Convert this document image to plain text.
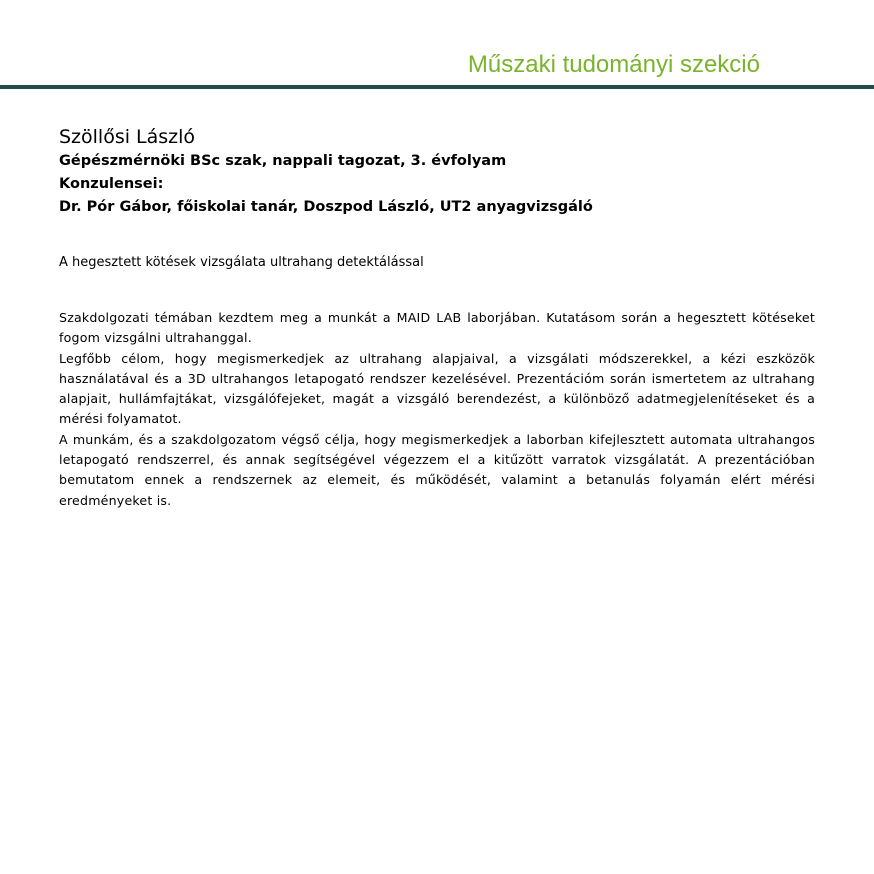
Műszaki tudományi szekció

Szöllősi László

Gépészmérnöki BSc szak, nappali tagozat, 3. évfolyam

Konzulensei:

Dr. Pór Gábor, főiskolai tanár, Doszpod László, UT2 anyagvizsgáló

A hegesztett kötések vizsgálata ultrahang detektálással

Szakdolgozati témában kezdtem meg a munkát a MAID LAB laborjában. Kutatásom során a hegesztett kötéseket fogom vizsgálni ultrahanggal.

Legfőbb célom, hogy megismerkedjek az ultrahang alapjaival, a vizsgálati módszerekkel, a kézi eszközök használatával és a 3D ultrahangos letapogató rendszer kezelésével. Prezentációm során ismertetem az ultrahang alapjait, hullámfajtákat, vizsgálófejeket, magát a vizsgáló berendezést, a különböző adatmegjelenítéseket és a mérési folyamatot.

A munkám, és a szakdolgozatom végső célja, hogy megismerkedjek a laborban kifejlesztett automata ultrahangos letapogató rendszerrel, és annak segítségével végezzem el a kitűzött varratok vizsgálatát. A prezentációban bemutatom ennek a rendszernek az elemeit, és működését, valamint a betanulás folyamán elért mérési eredményeket is.
